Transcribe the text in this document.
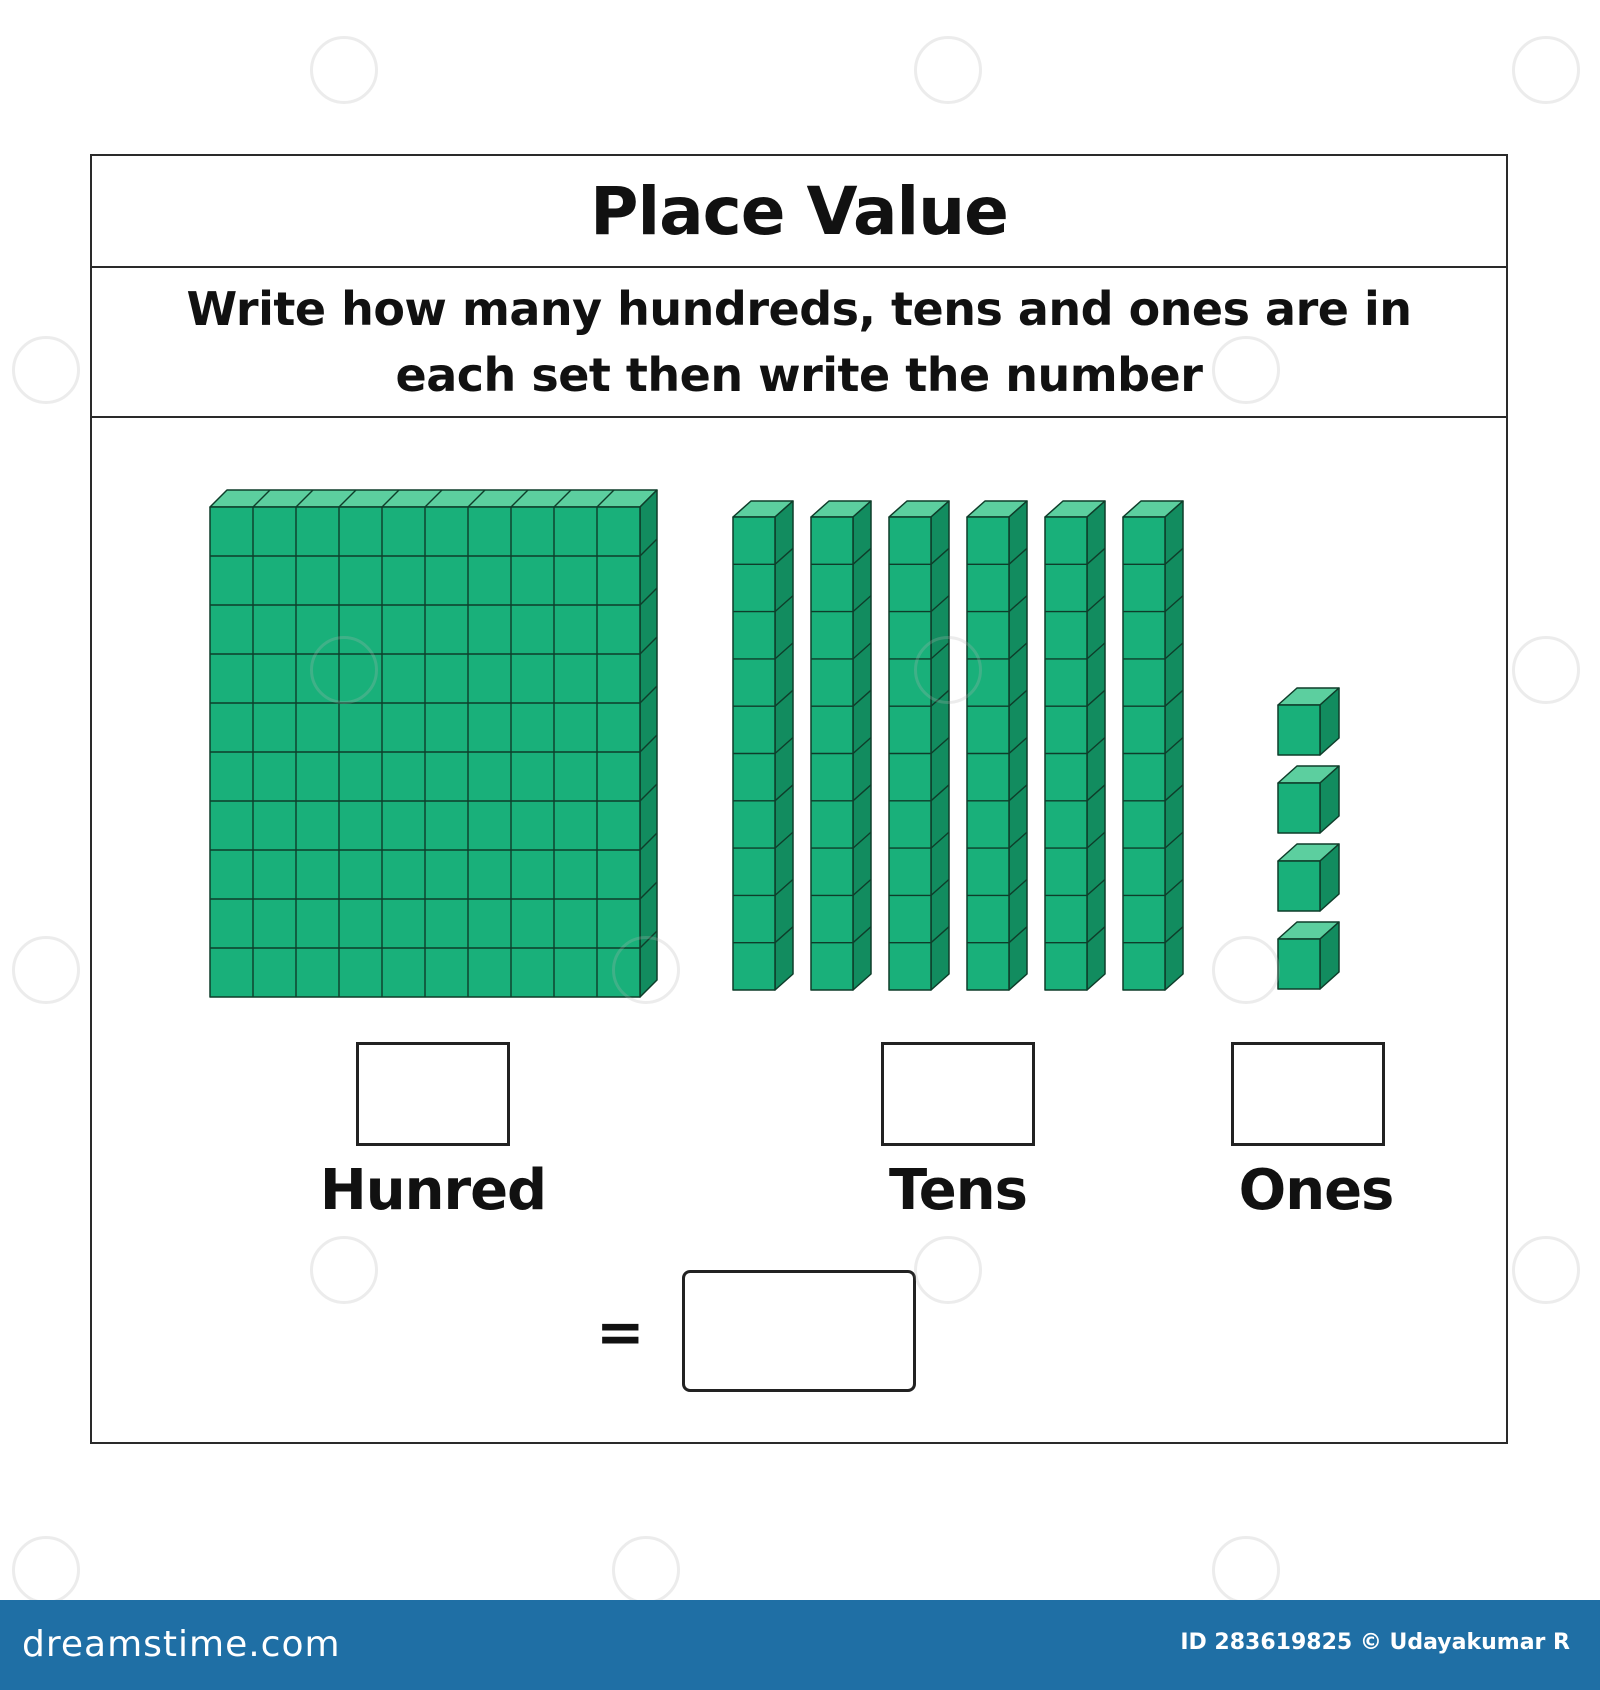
Place Value
Write how many hundreds, tens and ones are in
each set then write the number
Hunred	Tens	Ones
=
dreamstime.com	ID 283619825 © Udayakumar R
